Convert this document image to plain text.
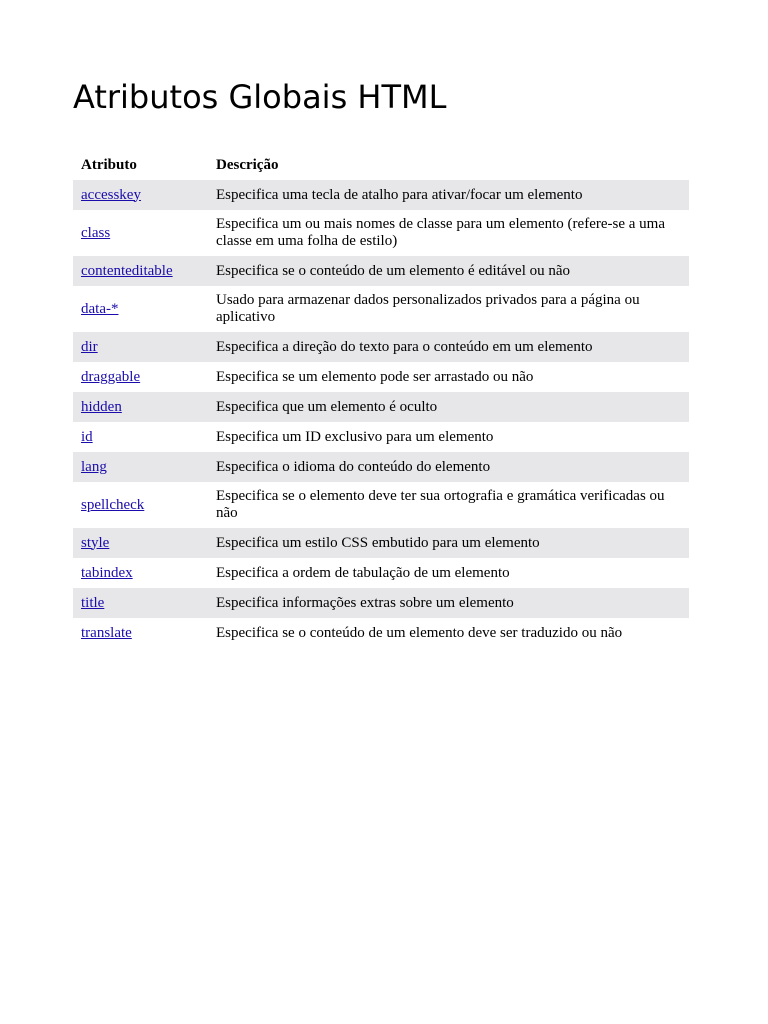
Atributos Globais HTML
Atributo	Descrição
accesskey	Especifica uma tecla de atalho para ativar/focar um elemento
class	Especifica um ou mais nomes de classe para um elemento (refere-se a uma classe em uma folha de estilo)
contenteditable	Especifica se o conteúdo de um elemento é editável ou não
data-*	Usado para armazenar dados personalizados privados para a página ou aplicativo
dir	Especifica a direção do texto para o conteúdo em um elemento
draggable	Especifica se um elemento pode ser arrastado ou não
hidden	Especifica que um elemento é oculto
id	Especifica um ID exclusivo para um elemento
lang	Especifica o idioma do conteúdo do elemento
spellcheck	Especifica se o elemento deve ter sua ortografia e gramática verificadas ou não
style	Especifica um estilo CSS embutido para um elemento
tabindex	Especifica a ordem de tabulação de um elemento
title	Especifica informações extras sobre um elemento
translate	Especifica se o conteúdo de um elemento deve ser traduzido ou não
